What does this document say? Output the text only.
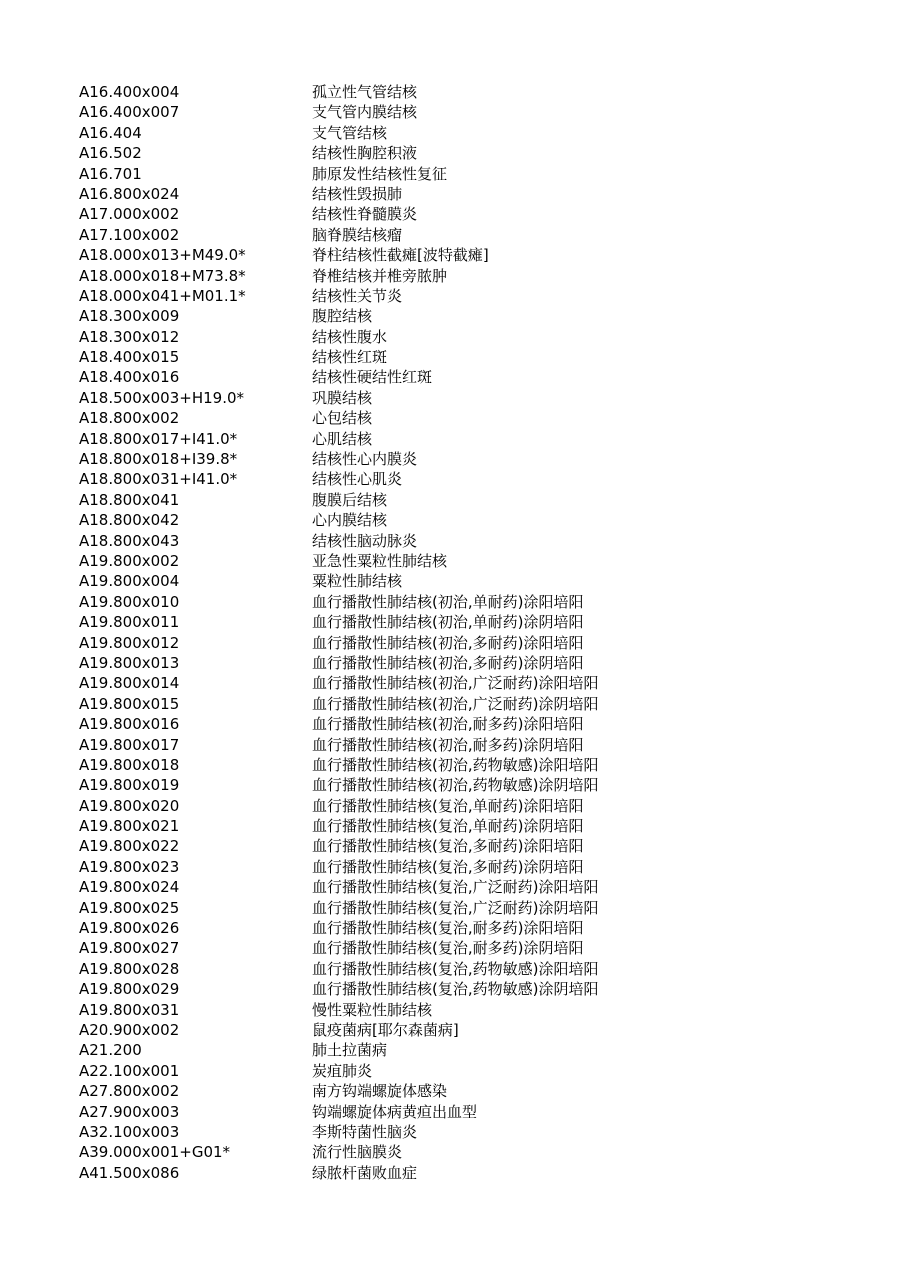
A16.400x004	孤立性气管结核
A16.400x007	支气管内膜结核
A16.404	支气管结核
A16.502	结核性胸腔积液
A16.701	肺原发性结核性复征
A16.800x024	结核性毁损肺
A17.000x002	结核性脊髓膜炎
A17.100x002	脑脊膜结核瘤
A18.000x013+M49.0*	脊柱结核性截瘫[波特截瘫]
A18.000x018+M73.8*	脊椎结核并椎旁脓肿
A18.000x041+M01.1*	结核性关节炎
A18.300x009	腹腔结核
A18.300x012	结核性腹水
A18.400x015	结核性红斑
A18.400x016	结核性硬结性红斑
A18.500x003+H19.0*	巩膜结核
A18.800x002	心包结核
A18.800x017+I41.0*	心肌结核
A18.800x018+I39.8*	结核性心内膜炎
A18.800x031+I41.0*	结核性心肌炎
A18.800x041	腹膜后结核
A18.800x042	心内膜结核
A18.800x043	结核性脑动脉炎
A19.800x002	亚急性粟粒性肺结核
A19.800x004	粟粒性肺结核
A19.800x010	血行播散性肺结核(初治,单耐药)涂阳培阳
A19.800x011	血行播散性肺结核(初治,单耐药)涂阴培阳
A19.800x012	血行播散性肺结核(初治,多耐药)涂阳培阳
A19.800x013	血行播散性肺结核(初治,多耐药)涂阴培阳
A19.800x014	血行播散性肺结核(初治,广泛耐药)涂阳培阳
A19.800x015	血行播散性肺结核(初治,广泛耐药)涂阴培阳
A19.800x016	血行播散性肺结核(初治,耐多药)涂阳培阳
A19.800x017	血行播散性肺结核(初治,耐多药)涂阴培阳
A19.800x018	血行播散性肺结核(初治,药物敏感)涂阳培阳
A19.800x019	血行播散性肺结核(初治,药物敏感)涂阴培阳
A19.800x020	血行播散性肺结核(复治,单耐药)涂阳培阳
A19.800x021	血行播散性肺结核(复治,单耐药)涂阴培阳
A19.800x022	血行播散性肺结核(复治,多耐药)涂阳培阳
A19.800x023	血行播散性肺结核(复治,多耐药)涂阴培阳
A19.800x024	血行播散性肺结核(复治,广泛耐药)涂阳培阳
A19.800x025	血行播散性肺结核(复治,广泛耐药)涂阴培阳
A19.800x026	血行播散性肺结核(复治,耐多药)涂阳培阳
A19.800x027	血行播散性肺结核(复治,耐多药)涂阴培阳
A19.800x028	血行播散性肺结核(复治,药物敏感)涂阳培阳
A19.800x029	血行播散性肺结核(复治,药物敏感)涂阴培阳
A19.800x031	慢性粟粒性肺结核
A20.900x002	鼠疫菌病[耶尔森菌病]
A21.200	肺土拉菌病
A22.100x001	炭疽肺炎
A27.800x002	南方钩端螺旋体感染
A27.900x003	钩端螺旋体病黄疸出血型
A32.100x003	李斯特菌性脑炎
A39.000x001+G01*	流行性脑膜炎
A41.500x086	绿脓杆菌败血症
